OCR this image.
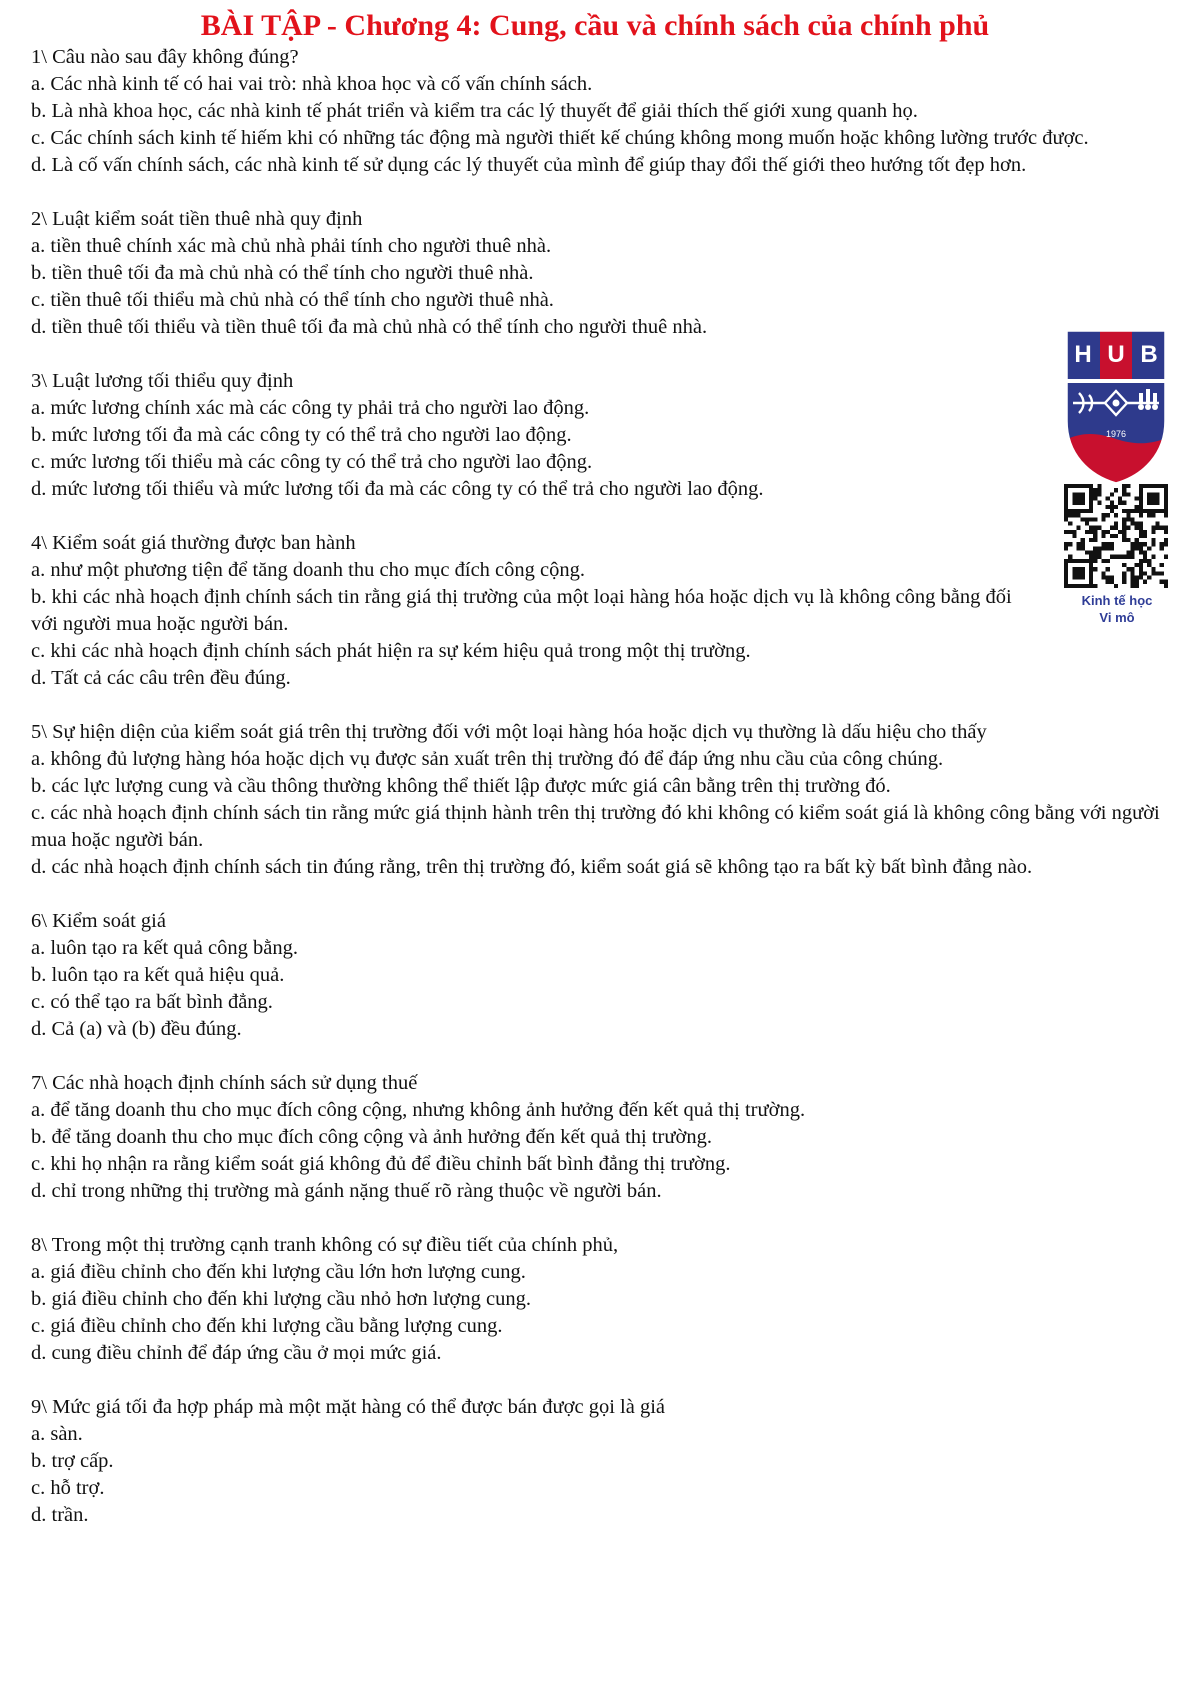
BÀI TẬP - Chương 4: Cung, cầu và chính sách của chính phủ
1\ Câu nào sau đây không đúng?
a. Các nhà kinh tế có hai vai trò: nhà khoa học và cố vấn chính sách.
b. Là nhà khoa học, các nhà kinh tế phát triển và kiểm tra các lý thuyết để giải thích thế giới xung quanh họ.
c. Các chính sách kinh tế hiếm khi có những tác động mà người thiết kế chúng không mong muốn hoặc không lường trước được.
d. Là cố vấn chính sách, các nhà kinh tế sử dụng các lý thuyết của mình để giúp thay đổi thế giới theo hướng tốt đẹp hơn.
2\ Luật kiểm soát tiền thuê nhà quy định
a. tiền thuê chính xác mà chủ nhà phải tính cho người thuê nhà.
b. tiền thuê tối đa mà chủ nhà có thể tính cho người thuê nhà.
c. tiền thuê tối thiểu mà chủ nhà có thể tính cho người thuê nhà.
d. tiền thuê tối thiểu và tiền thuê tối đa mà chủ nhà có thể tính cho người thuê nhà.
3\ Luật lương tối thiểu quy định
a. mức lương chính xác mà các công ty phải trả cho người lao động.
b. mức lương tối đa mà các công ty có thể trả cho người lao động.
c. mức lương tối thiểu mà các công ty có thể trả cho người lao động.
d. mức lương tối thiểu và mức lương tối đa mà các công ty có thể trả cho người lao động.
4\ Kiểm soát giá thường được ban hành
a. như một phương tiện để tăng doanh thu cho mục đích công cộng.
b. khi các nhà hoạch định chính sách tin rằng giá thị trường của một loại hàng hóa hoặc dịch vụ là không công bằng đối với người mua hoặc người bán.
c. khi các nhà hoạch định chính sách phát hiện ra sự kém hiệu quả trong một thị trường.
d. Tất cả các câu trên đều đúng.
5\ Sự hiện diện của kiểm soát giá trên thị trường đối với một loại hàng hóa hoặc dịch vụ thường là dấu hiệu cho thấy
a. không đủ lượng hàng hóa hoặc dịch vụ được sản xuất trên thị trường đó để đáp ứng nhu cầu của công chúng.
b. các lực lượng cung và cầu thông thường không thể thiết lập được mức giá cân bằng trên thị trường đó.
c. các nhà hoạch định chính sách tin rằng mức giá thịnh hành trên thị trường đó khi không có kiểm soát giá là không công bằng với người mua hoặc người bán.
d. các nhà hoạch định chính sách tin đúng rằng, trên thị trường đó, kiểm soát giá sẽ không tạo ra bất kỳ bất bình đẳng nào.
6\ Kiểm soát giá
a. luôn tạo ra kết quả công bằng.
b. luôn tạo ra kết quả hiệu quả.
c. có thể tạo ra bất bình đẳng.
d. Cả (a) và (b) đều đúng.
7\ Các nhà hoạch định chính sách sử dụng thuế
a. để tăng doanh thu cho mục đích công cộng, nhưng không ảnh hưởng đến kết quả thị trường.
b. để tăng doanh thu cho mục đích công cộng và ảnh hưởng đến kết quả thị trường.
c. khi họ nhận ra rằng kiểm soát giá không đủ để điều chỉnh bất bình đẳng thị trường.
d. chỉ trong những thị trường mà gánh nặng thuế rõ ràng thuộc về người bán.
8\ Trong một thị trường cạnh tranh không có sự điều tiết của chính phủ,
a. giá điều chỉnh cho đến khi lượng cầu lớn hơn lượng cung.
b. giá điều chỉnh cho đến khi lượng cầu nhỏ hơn lượng cung.
c. giá điều chỉnh cho đến khi lượng cầu bằng lượng cung.
d. cung điều chỉnh để đáp ứng cầu ở mọi mức giá.
9\ Mức giá tối đa hợp pháp mà một mặt hàng có thể được bán được gọi là giá
a. sàn.
b. trợ cấp.
c. hỗ trợ.
d. trần.
H U B
1976
Kinh tế học
Vi mô
